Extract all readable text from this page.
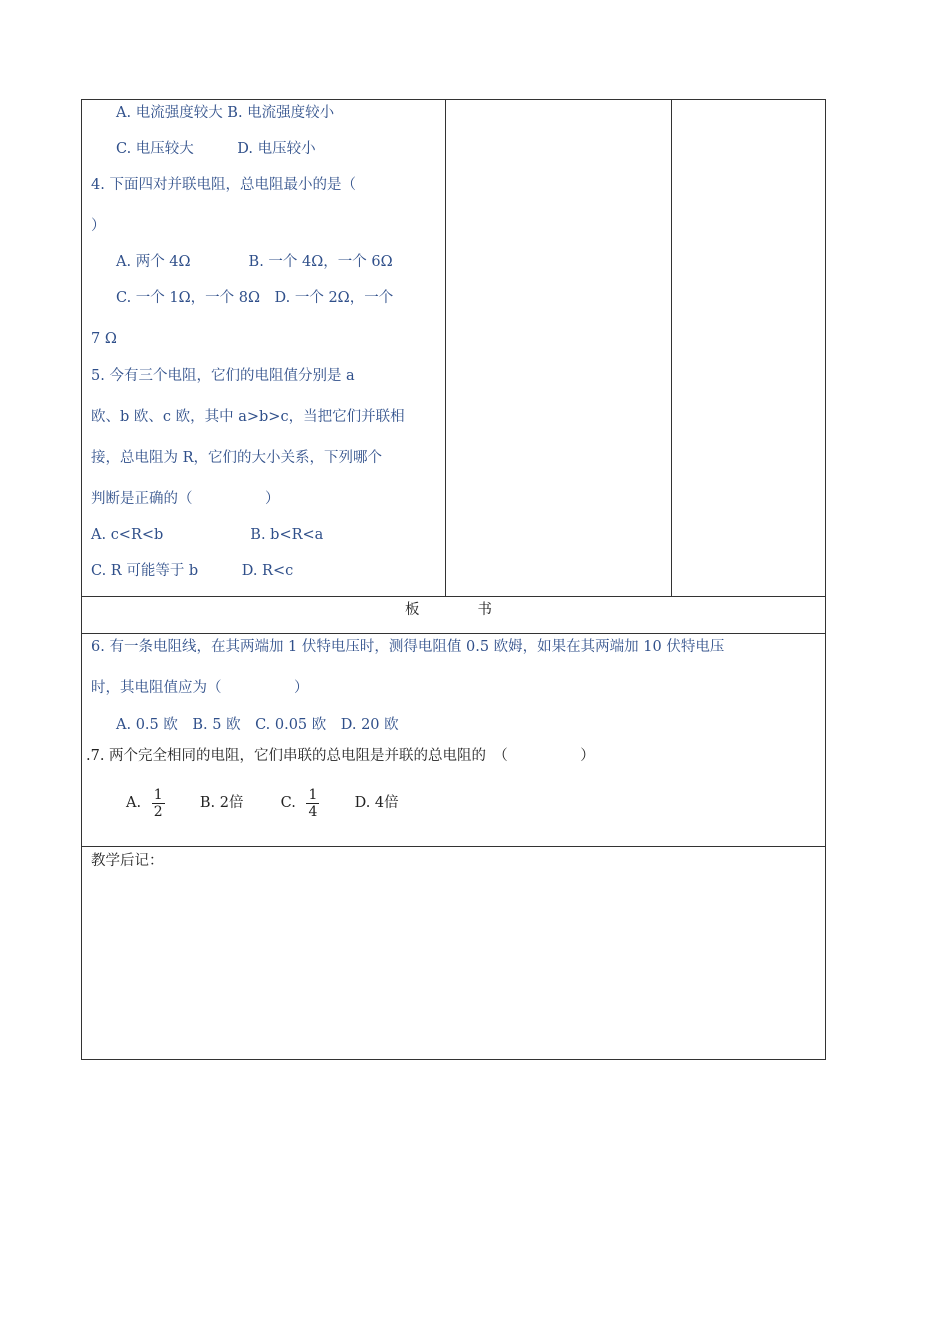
A. 电流强度较大 B. 电流强度较小
C. 电压较大　　　D. 电压较小
4. 下面四对并联电阻，总电阻最小的是（
）
A. 两个 4Ω　　　　B. 一个 4Ω，一个 6Ω
C. 一个 1Ω，一个 8Ω　D. 一个 2Ω，一个
7 Ω
5. 今有三个电阻，它们的电阻值分别是 a
欧、b 欧、c 欧，其中 a>b>c，当把它们并联相
接，总电阻为 R，它们的大小关系，下列哪个
判断是正确的（　　　　　）
A. c<R<b　　　　　　B. b<R<a
C. R 可能等于 b　　　D. R<c
板　　　　书
6. 有一条电阻线，在其两端加 1 伏特电压时，测得电阻值 0.5 欧姆，如果在其两端加 10 伏特电压
时，其电阻值应为（　　　　　）
A. 0.5 欧　B. 5 欧　C. 0.05 欧　D. 20 欧
.7. 两个完全相同的电阻，它们串联的总电阻是并联的总电阻的　（　　　　　）
A. $\frac{1}{2} B$. 2倍	C. $\frac{1}{4} D$. 4倍
教学后记：
